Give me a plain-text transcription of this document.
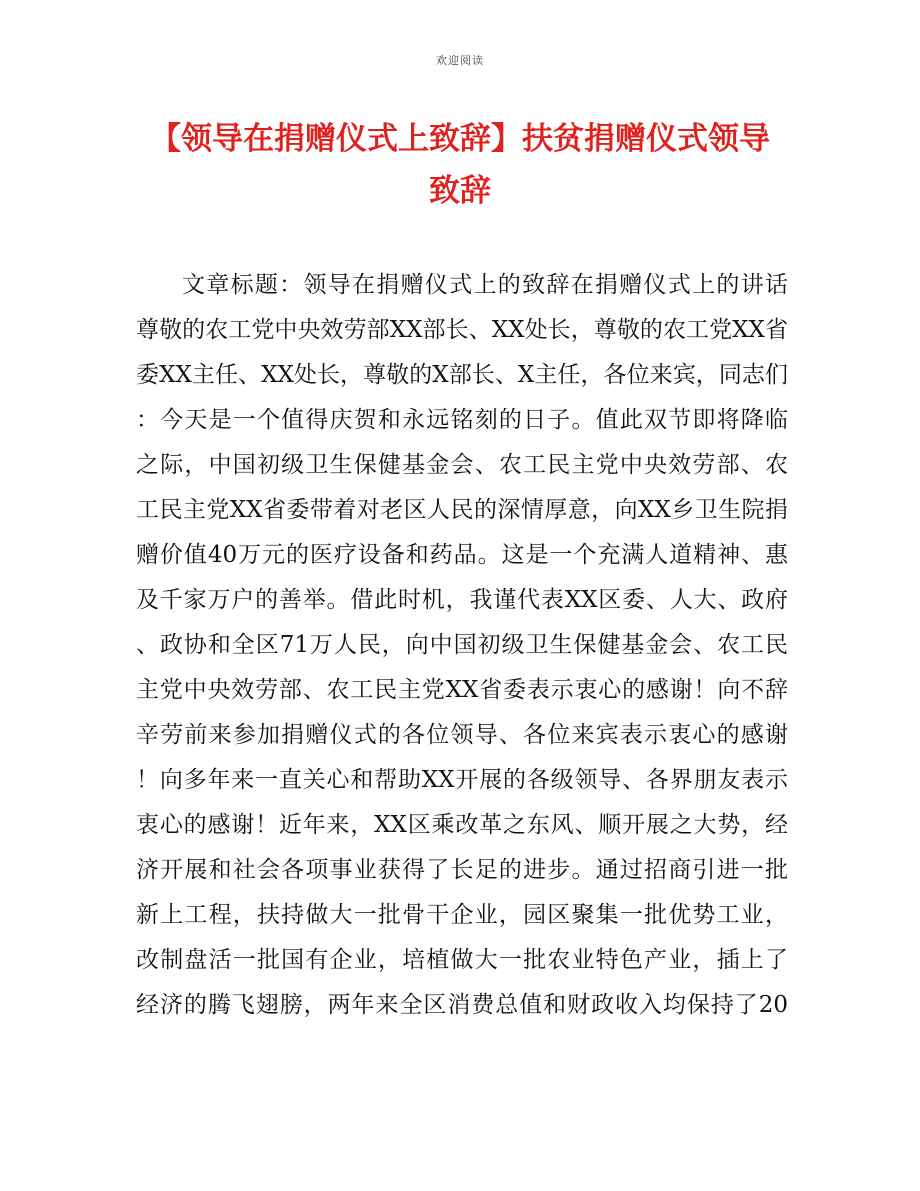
欢迎阅读
【领导在捐赠仪式上致辞】扶贫捐赠仪式领导
致辞
文章标题：领导在捐赠仪式上的致辞在捐赠仪式上的讲话
尊敬的农工党中央效劳部XX部长、XX处长，尊敬的农工党XX省
委XX主任、XX处长，尊敬的X部长、X主任，各位来宾，同志们
：今天是一个值得庆贺和永远铭刻的日子。值此双节即将降临
之际，中国初级卫生保健基金会、农工民主党中央效劳部、农
工民主党XX省委带着对老区人民的深情厚意，向XX乡卫生院捐
赠价值40万元的医疗设备和药品。这是一个充满人道精神、惠
及千家万户的善举。借此时机，我谨代表XX区委、人大、政府
、政协和全区71万人民，向中国初级卫生保健基金会、农工民
主党中央效劳部、农工民主党XX省委表示衷心的感谢！向不辞
辛劳前来参加捐赠仪式的各位领导、各位来宾表示衷心的感谢
！向多年来一直关心和帮助XX开展的各级领导、各界朋友表示
衷心的感谢！近年来，XX区乘改革之东风、顺开展之大势，经
济开展和社会各项事业获得了长足的进步。通过招商引进一批
新上工程，扶持做大一批骨干企业，园区聚集一批优势工业，
改制盘活一批国有企业，培植做大一批农业特色产业，插上了
经济的腾飞翅膀，两年来全区消费总值和财政收入均保持了20
